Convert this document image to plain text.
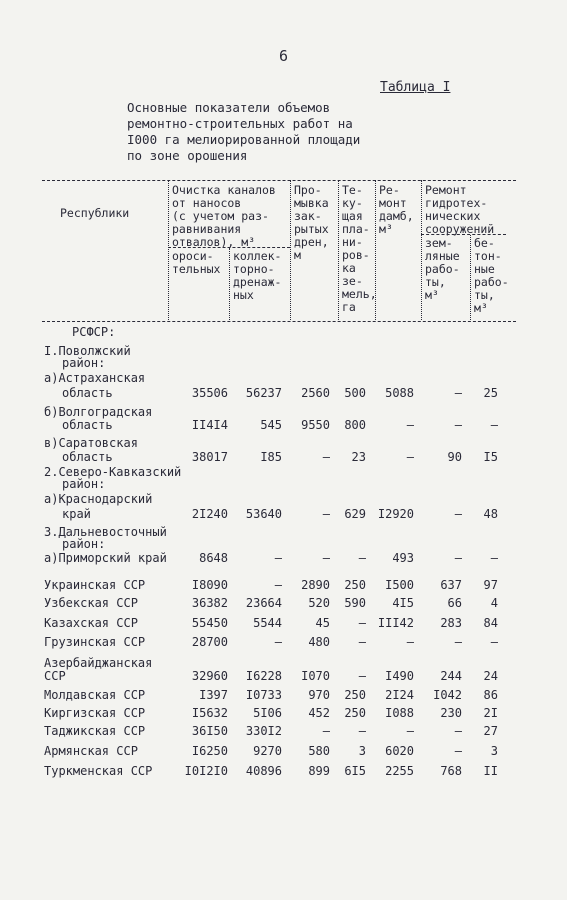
6
Таблица I
Основные показатели объемов
ремонтно-строительных работ на
I000 га мелиорированной площади
по зоне орошения
Республики
Очистка каналов
от наносов
(с учетом раз-
равнивания
отвалов), м³
ороси-
тельных
коллек-
торно-
дренаж-
ных
Про-
мывка
зак-
рытых
дрен,
м
Те-
ку-
щая
пла-
ни-
ров-
ка
зе-
мель,
га
Ре-
монт
дамб,
м³
Ремонт
гидротех-
нических
сооружений
зем-
ляные
рабо-
ты,
м³
бе-
тон-
ные
рабо-
ты,
м³
РСФСР:
I.Поволжский
район:
а)Астраханская
область	35506 56237 2560 500 5088	– 25
б)Волгоградская
область	II4I4	545 9550 800	–	– –
в)Саратовская
область	38017	I85	– 23	–	90 I5
2.Северо-Кавказский
район:
а)Краснодарский
край	2I240 53640	– 629 I2920	– 48
3.Дальневосточный
район:
а)Приморский край	8648	–	– – 493	– –
Украинская ССР	I8090	– 2890 250 I500 637 97
Узбекская ССР	36382 23664 520 590 4I5	66 4
Казахская ССР	55450 5544	45 – III42 283 84
Грузинская ССР	28700	– 480 –	–	– –
Азербайджанская
ССР	32960 I6228 I070 – I490 244 24
Молдавская ССР	I397 I0733 970 250 2I24 I042 86
Киргизская ССР	I5632 5I06 452 250 I088 230 2I
Таджикская ССР	36I50 330I2	– –	–	– 27
Армянская ССР	I6250 9270 580 3 6020	– 3
Туркменская ССР	I0I2I0 40896 899 6I5 2255 768 II
